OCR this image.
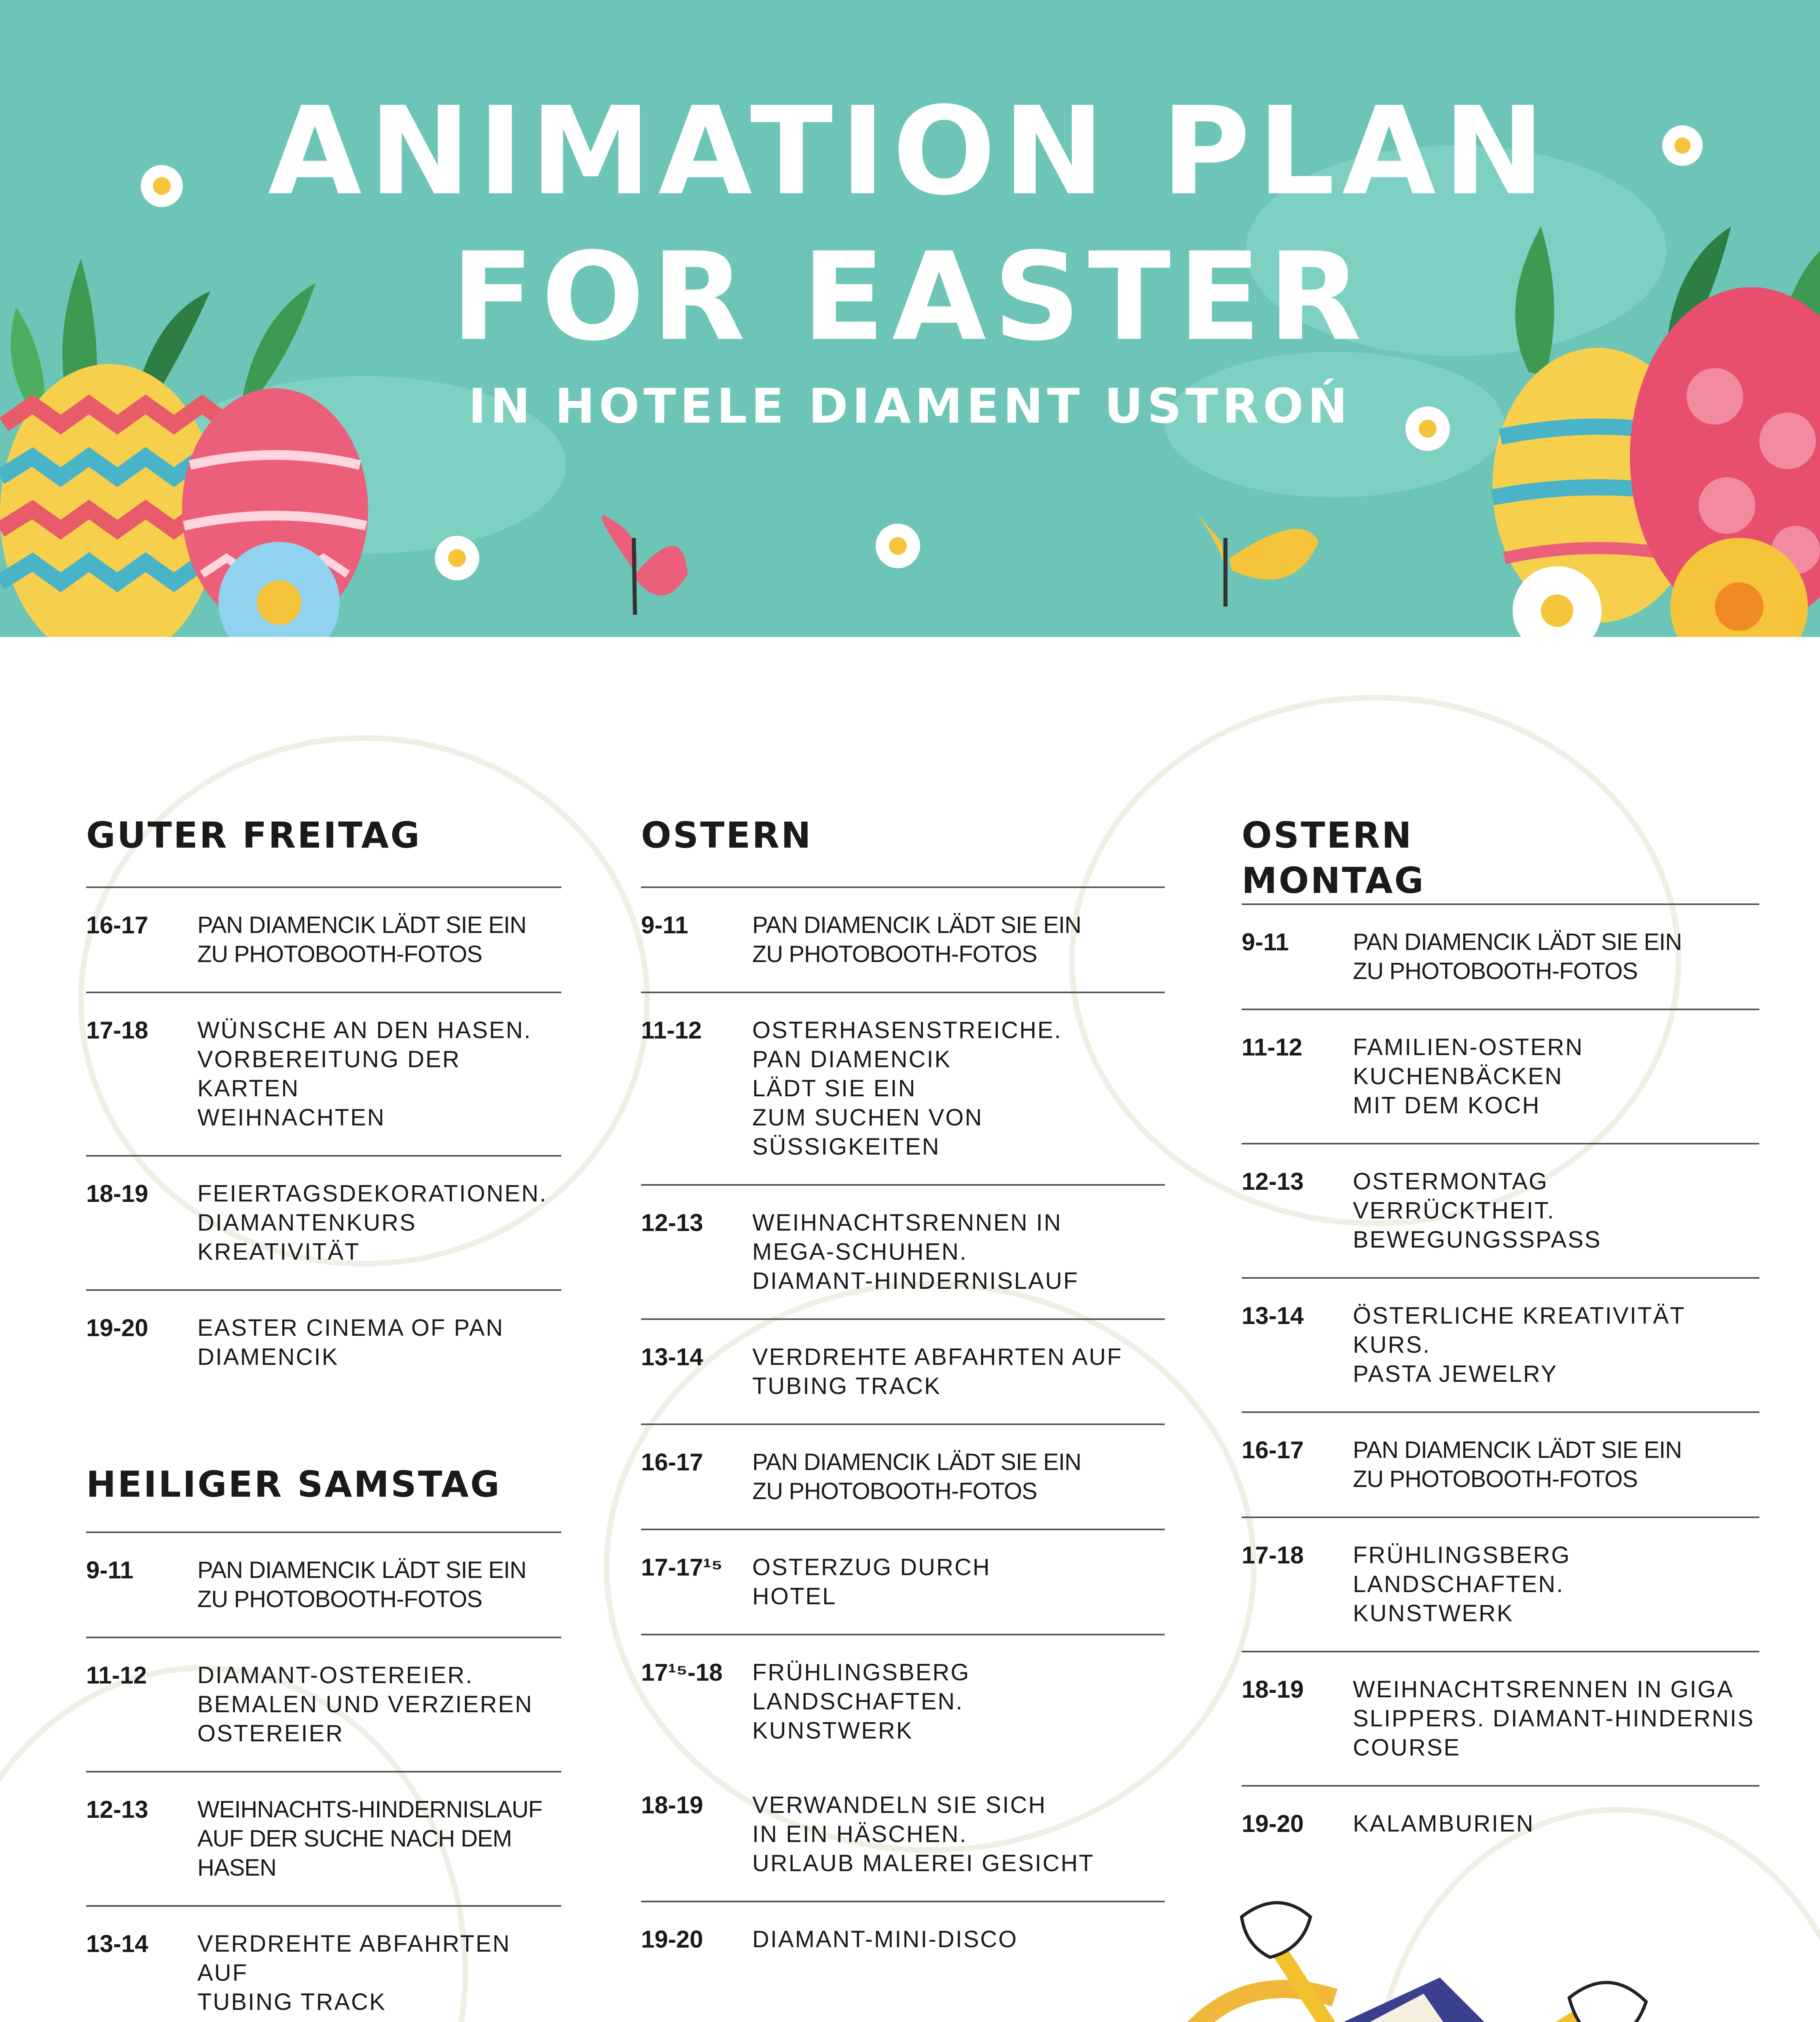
ANIMATION PLAN
FOR EASTER
IN HOTELE DIAMENT USTROŃ
GUTER FREITAG
16-17 PAN DIAMENCIK LÄDT SIE EIN
ZU PHOTOBOOTH-FOTOS
17-18 WÜNSCHE AN DEN HASEN.
VORBEREITUNG DER KARTEN
WEIHNACHTEN
18-19 FEIERTAGSDEKORATIONEN.
DIAMANTENKURS
KREATIVITÄT
19-20 EASTER CINEMA OF PAN
DIAMENCIK
HEILIGER SAMSTAG
9-11	PAN DIAMENCIK LÄDT SIE EIN
ZU PHOTOBOOTH-FOTOS
11-12 DIAMANT-OSTEREIER.
BEMALEN UND VERZIEREN
OSTEREIER
12-13 WEIHNACHTS-HINDERNISLAUF
AUF DER SUCHE NACH DEM HASEN
13-14 VERDREHTE ABFAHRTEN AUF
TUBING TRACK
OSTERN
9-11	PAN DIAMENCIK LÄDT SIE EIN
ZU PHOTOBOOTH-FOTOS
11-12 OSTERHASENSTREICHE.
PAN DIAMENCIK
LÄDT SIE EIN
ZUM SUCHEN VON SÜSSIGKEITEN
12-13 WEIHNACHTSRENNEN IN
MEGA-SCHUHEN.
DIAMANT-HINDERNISLAUF
13-14 VERDREHTE ABFAHRTEN AUF
TUBING TRACK
16-17 PAN DIAMENCIK LÄDT SIE EIN
ZU PHOTOBOOTH-FOTOS
17-17¹⁵ OSTERZUG DURCH
HOTEL
17¹⁵-18 FRÜHLINGSBERG
LANDSCHAFTEN.
KUNSTWERK
18-19 VERWANDELN SIE SICH
IN EIN HÄSCHEN.
URLAUB MALEREI GESICHT
19-20 DIAMANT-MINI-DISCO
OSTERN
MONTAG
9-11	PAN DIAMENCIK LÄDT SIE EIN
ZU PHOTOBOOTH-FOTOS
11-12 FAMILIEN-OSTERN
KUCHENBÄCKEN
MIT DEM KOCH
12-13 OSTERMONTAG
VERRÜCKTHEIT.
BEWEGUNGSSPASS
13-14 ÖSTERLICHE KREATIVITÄT
KURS.
PASTA JEWELRY
16-17 PAN DIAMENCIK LÄDT SIE EIN
ZU PHOTOBOOTH-FOTOS
17-18 FRÜHLINGSBERG
LANDSCHAFTEN.
KUNSTWERK
18-19 WEIHNACHTSRENNEN IN GIGA
SLIPPERS. DIAMANT-HINDERNIS
COURSE
19-20 KALAMBURIEN
